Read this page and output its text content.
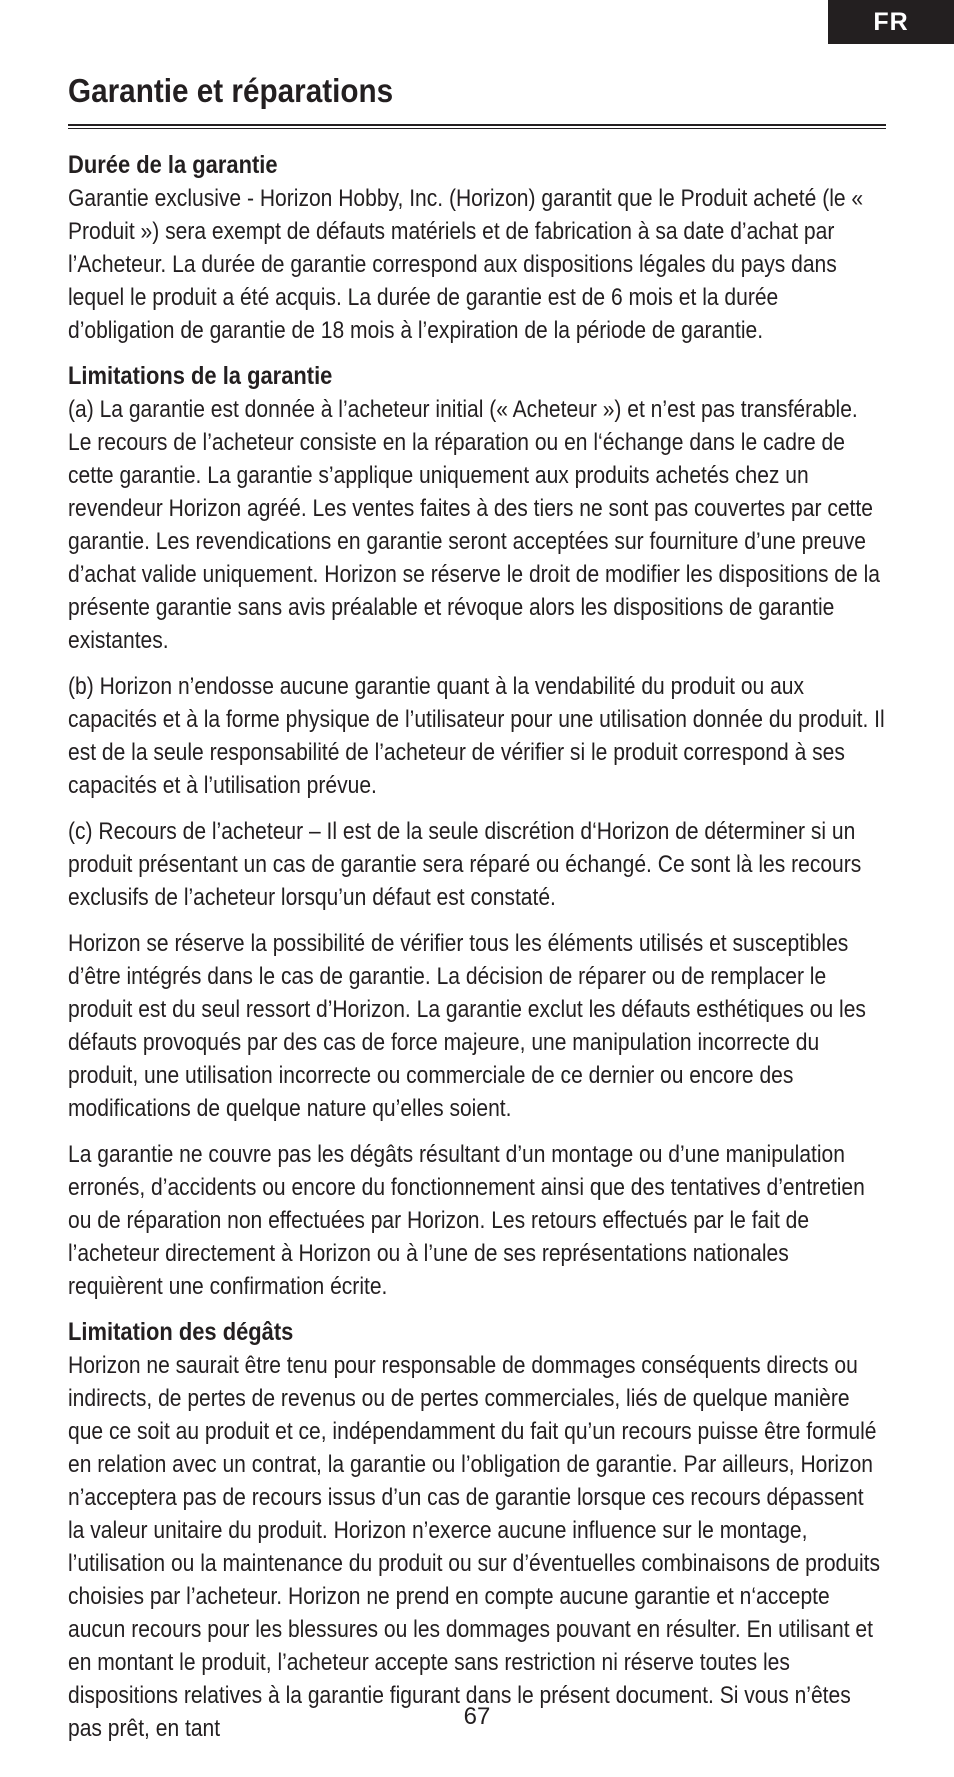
FR
Garantie et réparations
Durée de la garantie

Garantie exclusive - Horizon Hobby, Inc. (Horizon) garantit que le Produit acheté (le « Produit ») sera exempt de défauts matériels et de fabrication à sa date d’achat par l’Acheteur. La durée de garantie correspond aux dispositions légales du pays dans lequel le produit a été acquis. La durée de garantie est de 6 mois et la durée d’obligation de garantie de 18 mois à l’expiration de la période de garantie.

Limitations de la garantie

(a) La garantie est donnée à l’acheteur initial (« Acheteur ») et n’est pas transférable. Le recours de l’acheteur consiste en la réparation ou en l‘échange dans le cadre de cette garantie. La garantie s’applique uniquement aux produits achetés chez un revendeur Horizon agréé. Les ventes faites à des tiers ne sont pas couvertes par cette garantie. Les revendications en garantie seront acceptées sur fourniture d’une preuve d’achat valide uniquement. Horizon se réserve le droit de modifier les dispositions de la présente garantie sans avis préalable et révoque alors les dispositions de garantie existantes.

(b) Horizon n’endosse aucune garantie quant à la vendabilité du produit ou aux capacités et à la forme physique de l’utilisateur pour une utilisation donnée du produit. Il est de la seule responsabilité de l’acheteur de vérifier si le produit correspond à ses capacités et à l’utilisation prévue.

(c) Recours de l’acheteur – Il est de la seule discrétion d‘Horizon de déterminer si un produit présentant un cas de garantie sera réparé ou échangé. Ce sont là les recours exclusifs de l’acheteur lorsqu’un défaut est constaté.

Horizon se réserve la possibilité de vérifier tous les éléments utilisés et susceptibles d’être intégrés dans le cas de garantie. La décision de réparer ou de remplacer le produit est du seul ressort d’Horizon. La garantie exclut les défauts esthétiques ou les défauts provoqués par des cas de force majeure, une manipulation incorrecte du produit, une utilisation incorrecte ou commerciale de ce dernier ou encore des modifications de quelque nature qu’elles soient.

La garantie ne couvre pas les dégâts résultant d’un montage ou d’une manipulation erronés, d’accidents ou encore du fonctionnement ainsi que des tentatives d’entretien ou de réparation non effectuées par Horizon. Les retours effectués par le fait de l’acheteur directement à Horizon ou à l’une de ses représentations nationales requièrent une confirmation écrite.

Limitation des dégâts

Horizon ne saurait être tenu pour responsable de dommages conséquents directs ou indirects, de pertes de revenus ou de pertes commerciales, liés de quelque manière que ce soit au produit et ce, indépendamment du fait qu’un recours puisse être formulé en relation avec un contrat, la garantie ou l’obligation de garantie. Par ailleurs, Horizon n’acceptera pas de recours issus d’un cas de garantie lorsque ces recours dépassent la valeur unitaire du produit. Horizon n’exerce aucune influence sur le montage, l’utilisation ou la maintenance du produit ou sur d’éventuelles combinaisons de produits choisies par l’acheteur. Horizon ne prend en compte aucune garantie et n‘accepte aucun recours pour les blessures ou les dommages pouvant en résulter. En utilisant et en montant le produit, l’acheteur accepte sans restriction ni réserve toutes les dispositions relatives à la garantie figurant dans le présent document. Si vous n’êtes pas prêt, en tant	67
